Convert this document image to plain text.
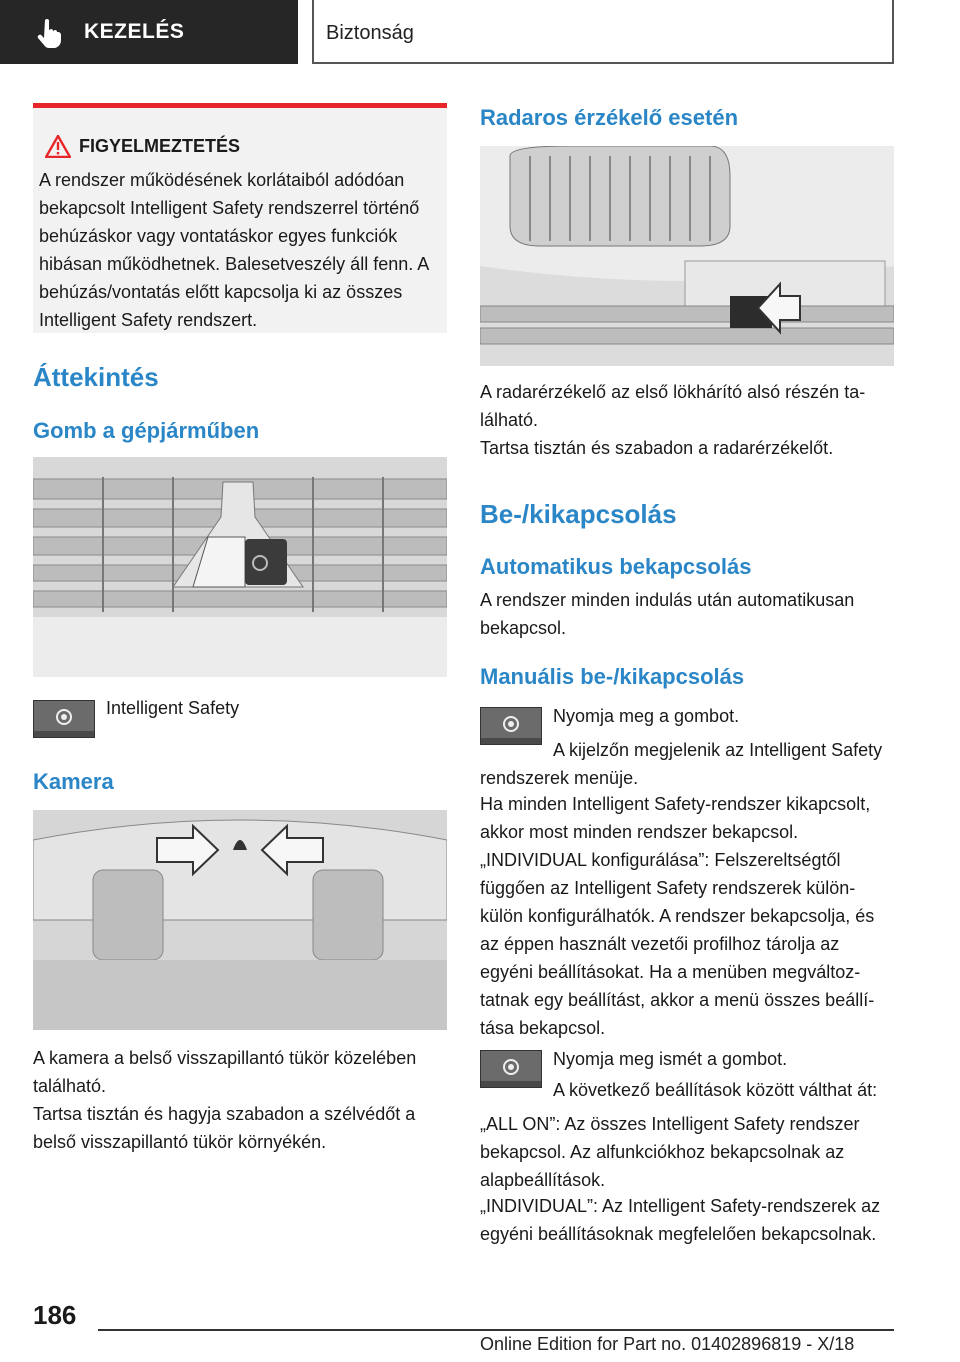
KEZELÉS	Biztonság
FIGYELMEZTETÉS
A rendszer működésének korlátaiból adódóan bekapcsolt Intelligent Safety rendszerrel történő behúzáskor vagy vontatáskor egyes funkciók hibásan működhetnek. Balesetveszély áll fenn. A behúzás/vontatás előtt kapcsolja ki az összes Intelligent Safety rendszert.
Áttekintés
Gomb a gépjárműben

Intelligent Safety

Kamera

A kamera a belső visszapillantó tükör közelében található.

Tartsa tisztán és hagyja szabadon a szélvédőt a belső visszapillantó tükör környékén.

Radaros érzékelő esetén

A radarérzékelő az első lökhárító alsó részén található.

Tartsa tisztán és szabadon a radarérzékelőt.

Be-/kikapcsolás
Automatikus bekapcsolás

A rendszer minden indulás után automatikusan bekapcsol.

Manuális be-/kikapcsolás

Nyomja meg a gombot.

A kijelzőn megjelenik az Intelligent Safety rendszerek menüje.

Ha minden Intelligent Safety-rendszer kikapcsolt, akkor most minden rendszer bekapcsol.

„INDIVIDUAL konfigurálása”: Felszereltségtől függően az Intelligent Safety rendszerek külön-külön konfigurálhatók. A rendszer bekapcsolja, és az éppen használt vezetői profilhoz tárolja az egyéni beállításokat. Ha a menüben megváltoztatnak egy beállítást, akkor a menü összes beállítása bekapcsol.

Nyomja meg ismét a gombot.

A következő beállítások között válthat át:

„ALL ON”: Az összes Intelligent Safety rendszer bekapcsol. Az alfunkciókhoz bekapcsolnak az alapbeállítások.

„INDIVIDUAL”: Az Intelligent Safety-rendszerek az egyéni beállításoknak megfelelően bekapcsolnak.

186
Online Edition for Part no. 01402896819 - X/18
